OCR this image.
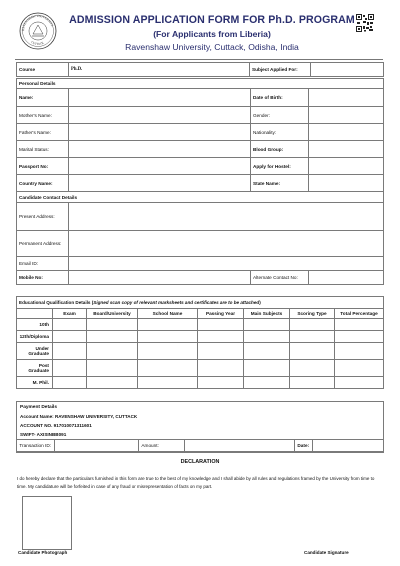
RAVENSHAW UNIVERSITY
CUTTACK
ADMISSION APPLICATION FORM FOR Ph.D. PROGRAM
(For Applicants from Liberia)
Ravenshaw University, Cuttack, Odisha, India
Course	Ph.D.	Subject Applied For:	
Personal Details			
Name:		Date of Birth:	
Mother's Name:		Gender:	
Father's Name:		Nationality:	
Marital Status:		Blood Group:	
Passport No:		Apply for Hostel:	
Country Name:		State Name:	
Candidate Contact Details			
Present Address:			
Permanent Address:			
Email ID:			
Mobile No:		Alternate Contact No:	
Educational Qualification Details (Signed scan copy of relevant marksheets and certificates are to be attached)							
	Exam	Board/University	School Name	Passing Year	Main Subjects	Scoring Type	Total Percentage
10th							
12th/Diploma							
Under Graduate							
Post Graduate							
M. Phil.							
Payment Details
Account Name: RAVENSHAW UNIVERSITY, CUTTACK
ACCOUNT NO. 917010071311601
SWIFT- AXISINBB091
Transaction ID:		Amount:		Date:	
DECLARATION
I do hereby declare that the particulars furnished in this form are true to the best of my knowledge and I shall abide by all rules and regulations framed by the University from time to time. My candidature will be forfeited in case of any fraud or misrepresentation of facts on my part.
Candidate Photograph	Candidate Signature
